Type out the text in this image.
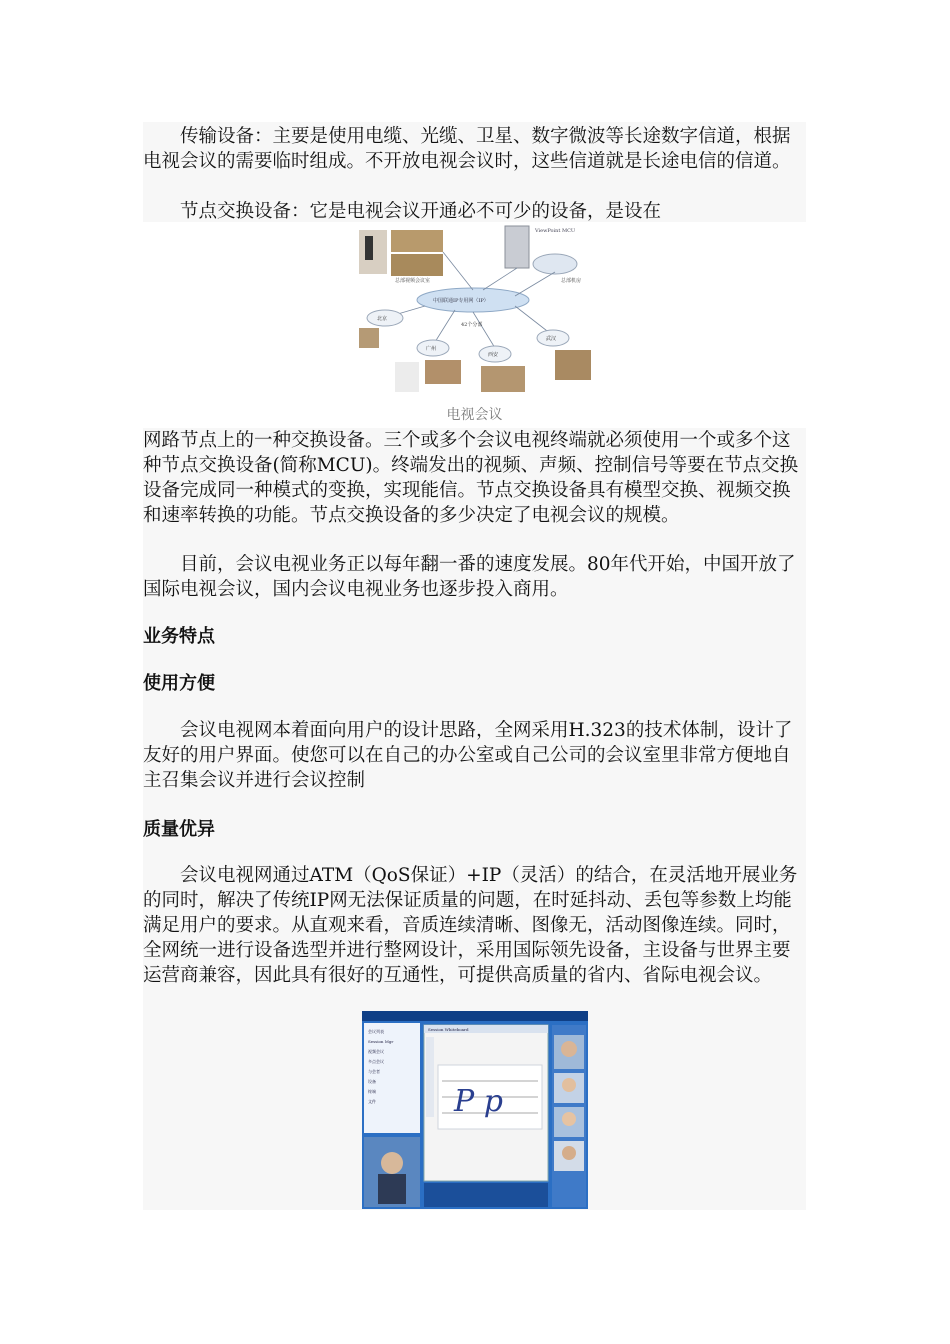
传输设备：主要是使用电缆、光缆、卫星、数字微波等长途数字信道，根据电视会议的需要临时组成。不开放电视会议时，这些信道就是长途电信的信道。

节点交换设备：它是电视会议开通必不可少的设备，是设在

总部视频会议室
ViewPoint MCU
总部机房
中国联通IP专用网（IP）
北京
广州
西安
武汉
42个分部
电视会议

网路节点上的一种交换设备。三个或多个会议电视终端就必须使用一个或多个这种节点交换设备(简称MCU)。终端发出的视频、声频、控制信号等要在节点交换设备完成同一种模式的变换，实现能信。节点交换设备具有模型交换、视频交换和速率转换的功能。节点交换设备的多少决定了电视会议的规模。

目前，会议电视业务正以每年翻一番的速度发展。80年代开始，中国开放了国际电视会议，国内会议电视业务也逐步投入商用。

业务特点
使用方便

会议电视网本着面向用户的设计思路，全网采用H.323的技术体制，设计了友好的用户界面。使您可以在自己的办公室或自己公司的会议室里非常方便地自主召集会议并进行会议控制

质量优异

会议电视网通过ATM（QoS保证）+IP（灵活）的结合，在灵活地开展业务的同时，解决了传统IP网无法保证质量的问题，在时延抖动、丢包等参数上均能满足用户的要求。从直观来看，音质连续清晰、图像无，活动图像连续。同时，全网统一进行设备选型并进行整网设计，采用国际领先设备，主设备与世界主要运营商兼容，因此具有很好的互通性，可提供高质量的省内、省际电视会议。

会议列表
Session Mgr
视频会议
多点会议
与会者
设备
终端
文件
Session Whiteboard
P p
